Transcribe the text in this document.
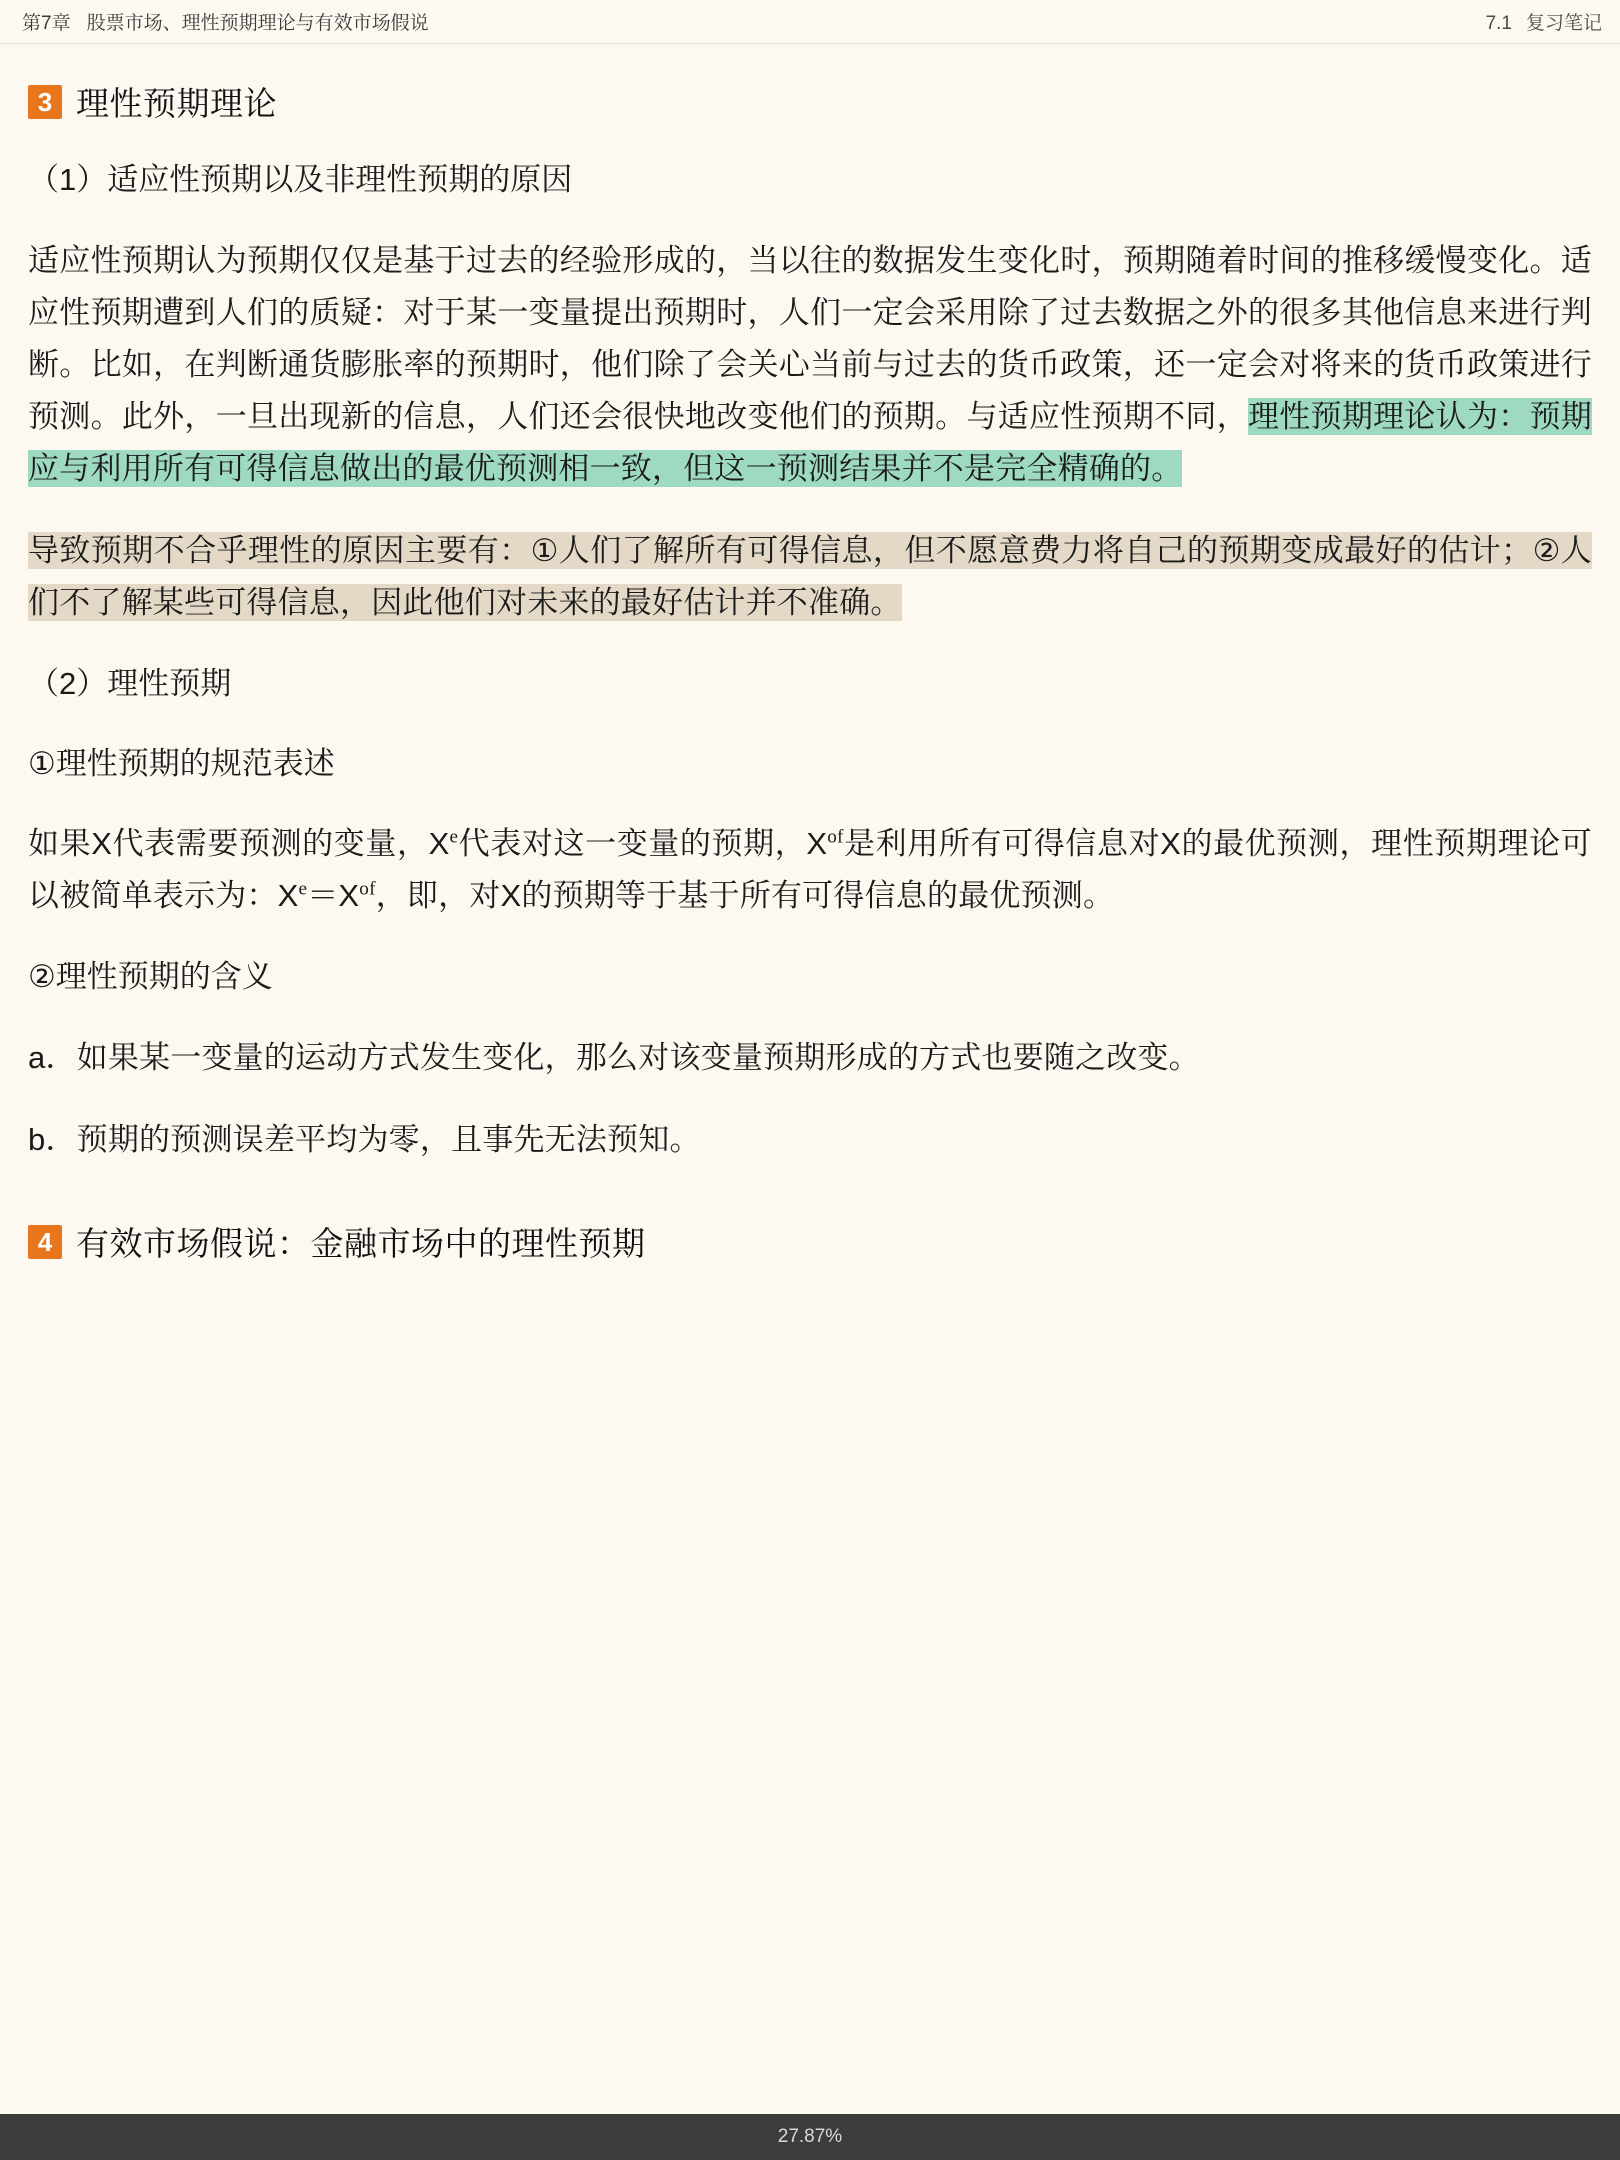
第7章 股票市场、理性预期理论与有效市场假说	7.1 复习笔记
3 理性预期理论

（1）适应性预期以及非理性预期的原因

适应性预期认为预期仅仅是基于过去的经验形成的，当以往的数据发生变化时，预期随着时间的推移缓慢变化。适应性预期遭到人们的质疑：对于某一变量提出预期时，人们一定会采用除了过去数据之外的很多其他信息来进行判断。比如，在判断通货膨胀率的预期时，他们除了会关心当前与过去的货币政策，还一定会对将来的货币政策进行预测。此外，一旦出现新的信息，人们还会很快地改变他们的预期。与适应性预期不同，理性预期理论认为：预期应与利用所有可得信息做出的最优预测相一致，但这一预测结果并不是完全精确的。

导致预期不合乎理性的原因主要有：①人们了解所有可得信息，但不愿意费力将自己的预期变成最好的估计；②人们不了解某些可得信息，因此他们对未来的最好估计并不准确。

（2）理性预期

①理性预期的规范表述

如果X代表需要预测的变量，Xe代表对这一变量的预期，$X^{of}$是利用所有可得信息对X的最优预测，理性预期理论可以被简单表示为：$X^e=X^{of}$，即，对X的预期等于基于所有可得信息的最优预测。

②理性预期的含义

a．如果某一变量的运动方式发生变化，那么对该变量预期形成的方式也要随之改变。

b．预期的预测误差平均为零，且事先无法预知。

4 有效市场假说：金融市场中的理性预期
27.87%
